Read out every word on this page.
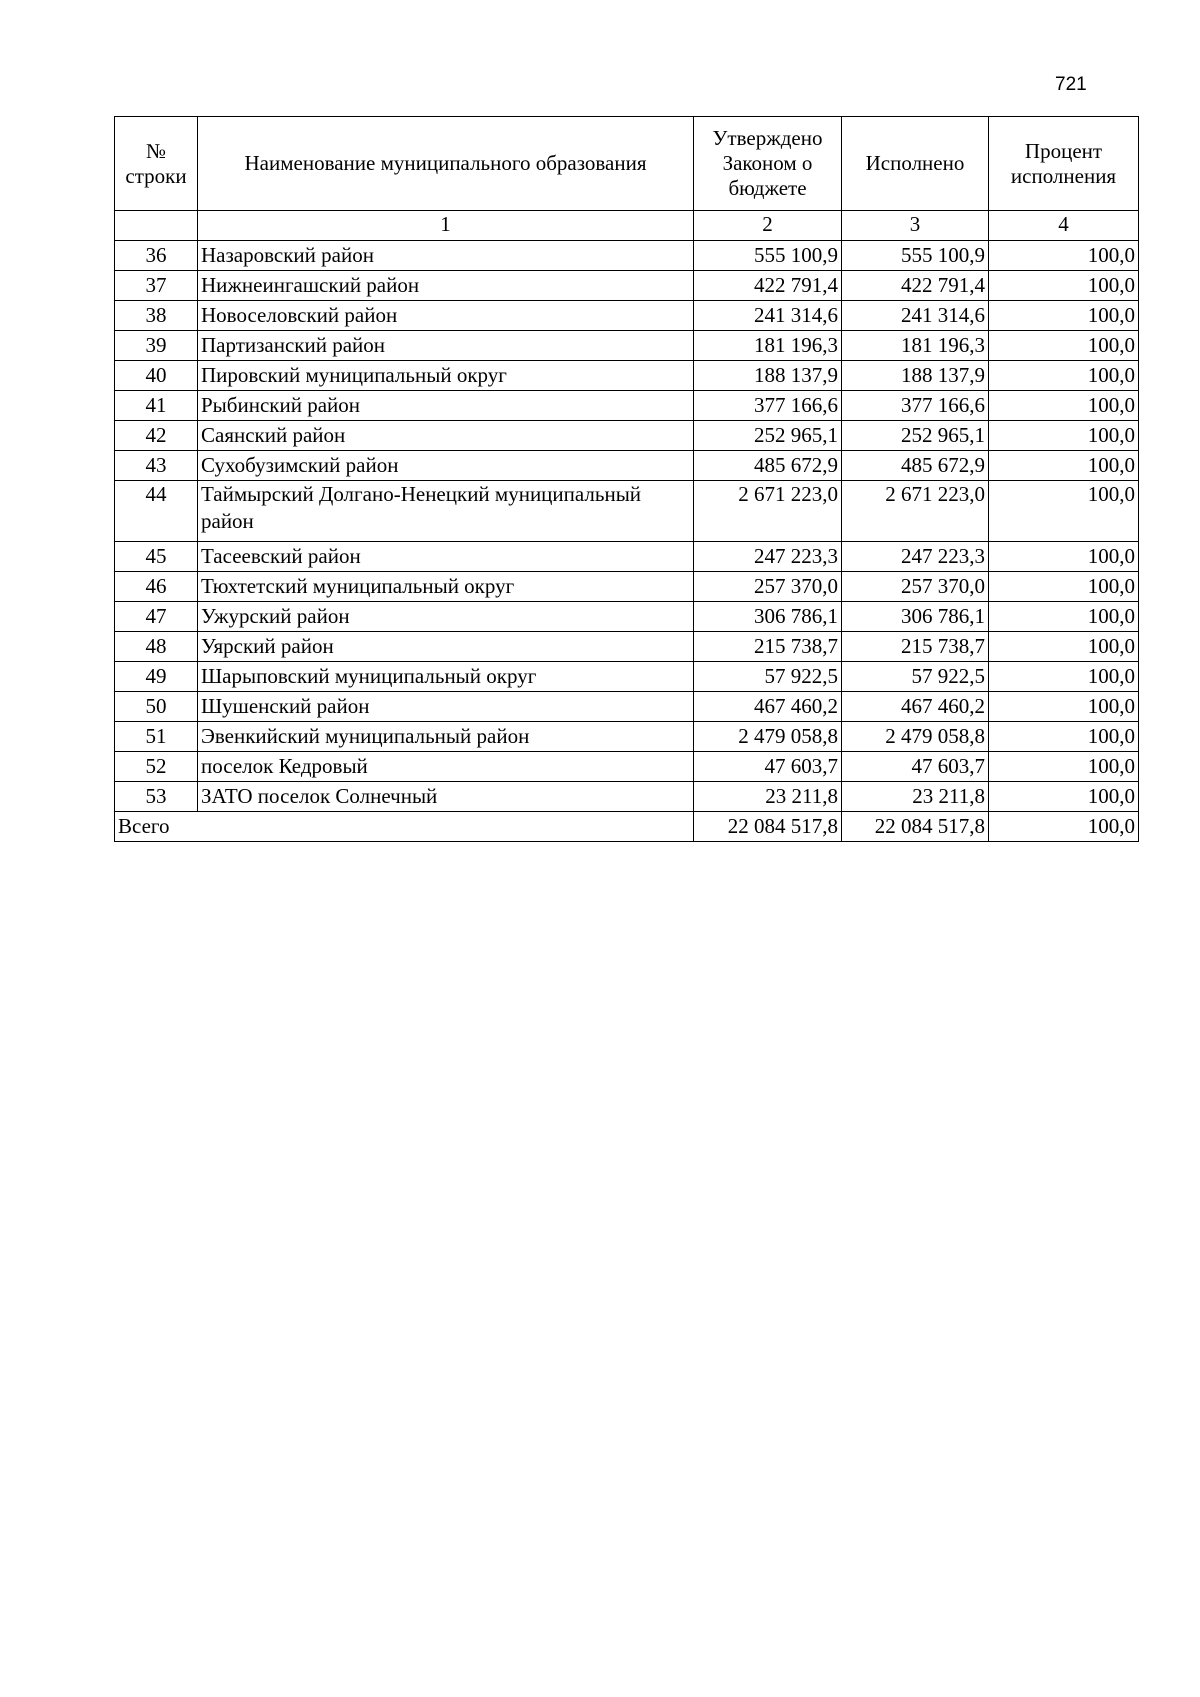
721
№ строки	Наименование муниципального образования	Утверждено Законом о бюджете	Исполнено	Процент исполнения
	1	2	3	4
36	Назаровский район	555 100,9	555 100,9	100,0
37	Нижнеингашский район	422 791,4	422 791,4	100,0
38	Новоселовский район	241 314,6	241 314,6	100,0
39	Партизанский район	181 196,3	181 196,3	100,0
40	Пировский муниципальный округ	188 137,9	188 137,9	100,0
41	Рыбинский район	377 166,6	377 166,6	100,0
42	Саянский район	252 965,1	252 965,1	100,0
43	Сухобузимский район	485 672,9	485 672,9	100,0
44	Таймырский Долгано-Ненецкий муниципальный район	2 671 223,0	2 671 223,0	100,0
45	Тасеевский район	247 223,3	247 223,3	100,0
46	Тюхтетский муниципальный округ	257 370,0	257 370,0	100,0
47	Ужурский район	306 786,1	306 786,1	100,0
48	Уярский район	215 738,7	215 738,7	100,0
49	Шарыповский муниципальный округ	57 922,5	57 922,5	100,0
50	Шушенский район	467 460,2	467 460,2	100,0
51	Эвенкийский муниципальный район	2 479 058,8	2 479 058,8	100,0
52	поселок Кедровый	47 603,7	47 603,7	100,0
53	ЗАТО поселок Солнечный	23 211,8	23 211,8	100,0
Всего		22 084 517,8	22 084 517,8	100,0
